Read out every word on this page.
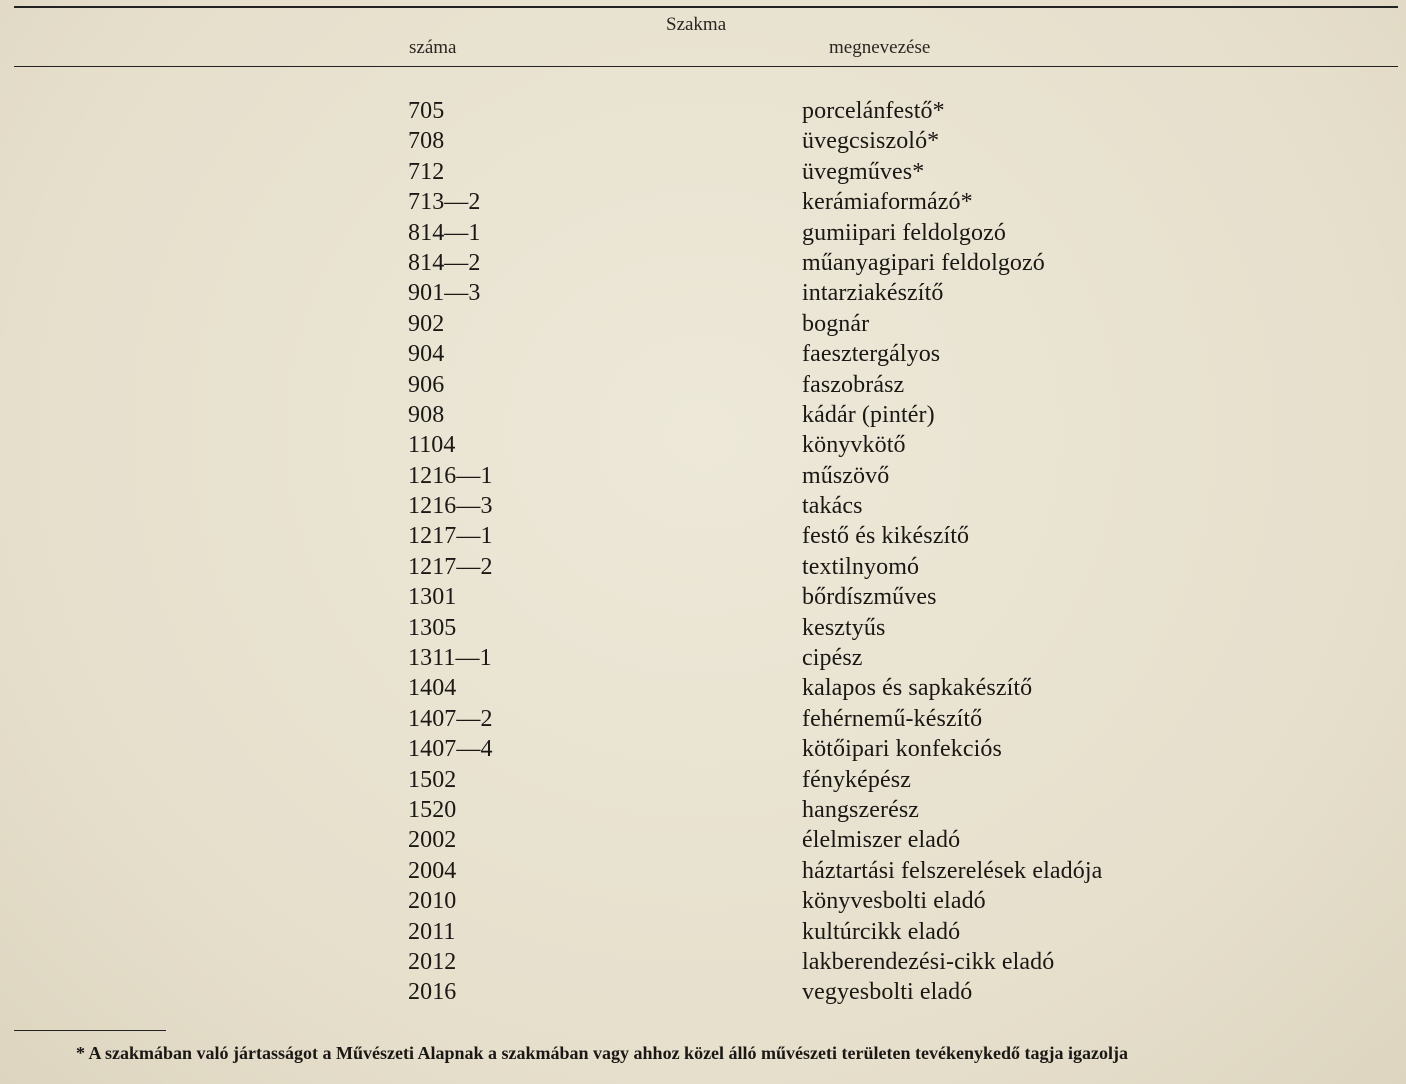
Szakma
száma	megnevezése
705	porcelánfestő*
708	üvegcsiszoló*
712	üvegműves*
713—2	kerámiaformázó*
814—1	gumiipari feldolgozó
814—2	műanyagipari feldolgozó
901—3	intarziakészítő
902	bognár
904	faesztergályos
906	faszobrász
908	kádár (pintér)
1104	könyvkötő
1216—1	műszövő
1216—3	takács
1217—1	festő és kikészítő
1217—2	textilnyomó
1301	bőrdíszműves
1305	kesztyűs
1311—1	cipész
1404	kalapos és sapkakészítő
1407—2	fehérnemű-készítő
1407—4	kötőipari konfekciós
1502	fényképész
1520	hangszerész
2002	élelmiszer eladó
2004	háztartási felszerelések eladója
2010	könyvesbolti eladó
2011	kultúrcikk eladó
2012	lakberendezési-cikk eladó
2016	vegyesbolti eladó
* A szakmában való jártasságot a Művészeti Alapnak a szakmában vagy ahhoz közel álló művészeti területen tevékenykedő tagja igazolja
